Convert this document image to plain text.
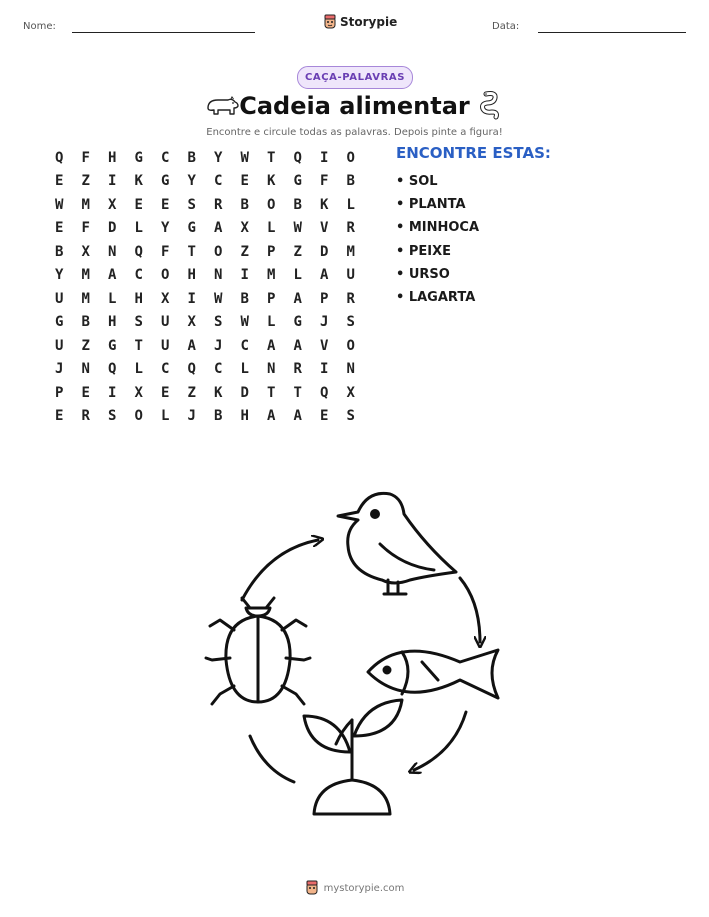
Nome:	Storypie	Data:
CAÇA-PALAVRAS
Cadeia alimentar
Encontre e circule todas as palavras. Depois pinte a figura!
Q	F	H	G	C	B	Y	W	T	Q	I	O
E	Z	I	K	G	Y	C	E	K	G	F	B
W	M	X	E	E	S	R	B	O	B	K	L
E	F	D	L	Y	G	A	X	L	W	V	R
B	X	N	Q	F	T	O	Z	P	Z	D	M
Y	M	A	C	O	H	N	I	M	L	A	U
U	M	L	H	X	I	W	B	P	A	P	R
G	B	H	S	U	X	S	W	L	G	J	S
U	Z	G	T	U	A	J	C	A	A	V	O
J	N	Q	L	C	Q	C	L	N	R	I	N
P	E	I	X	E	Z	K	D	T	T	Q	X
E	R	S	O	L	J	B	H	A	A	E	S
ENCONTRE ESTAS:
• SOL
• PLANTA
• MINHOCA
• PEIXE
• URSO
• LAGARTA
mystorypie.com
